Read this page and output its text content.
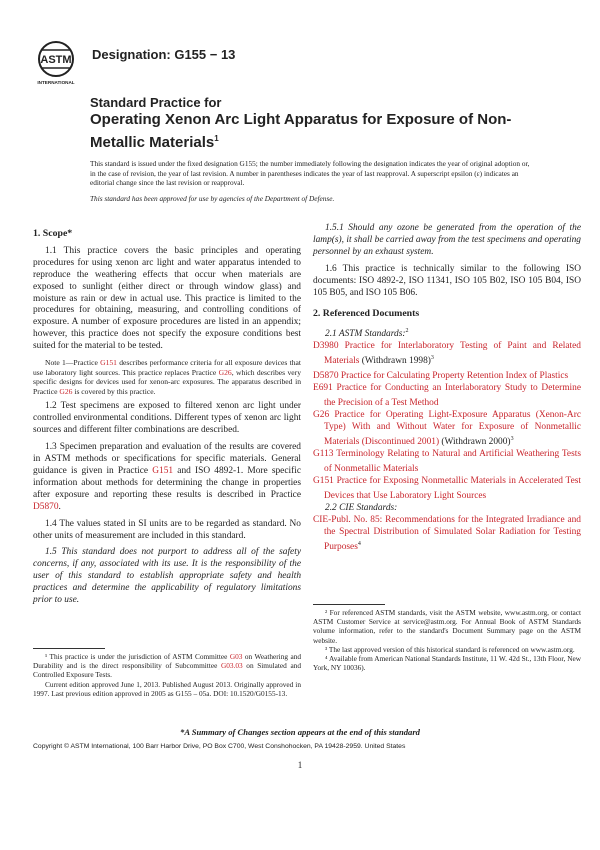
ASTM
INTERNATIONAL
Designation: G155 − 13
Standard Practice for
Operating Xenon Arc Light Apparatus for Exposure of Non-Metallic Materials$^1$
This standard is issued under the fixed designation G155; the number immediately following the designation indicates the year of original adoption or, in the case of revision, the year of last revision. A number in parentheses indicates the year of last reapproval. A superscript epsilon (ε) indicates an editorial change since the last revision or reapproval.
This standard has been approved for use by agencies of the Department of Defense.

1. Scope*

1.1 This practice covers the basic principles and operating procedures for using xenon arc light and water apparatus intended to reproduce the weathering effects that occur when materials are exposed to sunlight (either direct or through window glass) and moisture as rain or dew in actual use. This practice is limited to the procedures for obtaining, measuring, and controlling conditions of exposure. A number of exposure procedures are listed in an appendix; however, this practice does not specify the exposure conditions best suited for the material to be tested.

Note 1—Practice G151 describes performance criteria for all exposure devices that use laboratory light sources. This practice replaces Practice G26, which describes very specific designs for devices used for xenon-arc exposures. The apparatus described in Practice G26 is covered by this practice.

1.2 Test specimens are exposed to filtered xenon arc light under controlled environmental conditions. Different types of xenon arc light sources and different filter combinations are described.

1.3 Specimen preparation and evaluation of the results are covered in ASTM methods or specifications for specific materials. General guidance is given in Practice G151 and ISO 4892-1. More specific information about methods for determining the change in properties after exposure and reporting these results is described in Practice D5870.

1.4 The values stated in SI units are to be regarded as standard. No other units of measurement are included in this standard.

1.5 This standard does not purport to address all of the safety concerns, if any, associated with its use. It is the responsibility of the user of this standard to establish appropriate safety and health practices and determine the applicability of regulatory limitations prior to use.

1.5.1 Should any ozone be generated from the operation of the lamp(s), it shall be carried away from the test specimens and operating personnel by an exhaust system.

1.6 This practice is technically similar to the following ISO documents: ISO 4892-2, ISO 11341, ISO 105 B02, ISO 105 B04, ISO 105 B05, and ISO 105 B06.

2. Referenced Documents

2.1 ASTM Standards:$^2$

D3980 Practice for Interlaboratory Testing of Paint and Related Materials (Withdrawn 1998)$^3$

D5870 Practice for Calculating Property Retention Index of Plastics

E691 Practice for Conducting an Interlaboratory Study to Determine the Precision of a Test Method

G26 Practice for Operating Light-Exposure Apparatus (Xenon-Arc Type) With and Without Water for Exposure of Nonmetallic Materials (Discontinued 2001) (Withdrawn 2000)$^3$

G113 Terminology Relating to Natural and Artificial Weathering Tests of Nonmetallic Materials

G151 Practice for Exposing Nonmetallic Materials in Accelerated Test Devices that Use Laboratory Light Sources

2.2 CIE Standards:

CIE-Publ. No. 85: Recommendations for the Integrated Irradiance and the Spectral Distribution of Simulated Solar Radiation for Testing Purposes$^4$

¹ This practice is under the jurisdiction of ASTM Committee G03 on Weathering and Durability and is the direct responsibility of Subcommittee G03.03 on Simulated and Controlled Exposure Tests.

Current edition approved June 1, 2013. Published August 2013. Originally approved in 1997. Last previous edition approved in 2005 as G155 – 05a. DOI: 10.1520/G0155-13.

² For referenced ASTM standards, visit the ASTM website, www.astm.org, or contact ASTM Customer Service at service@astm.org. For Annual Book of ASTM Standards volume information, refer to the standard's Document Summary page on the ASTM website.

³ The last approved version of this historical standard is referenced on www.astm.org.

⁴ Available from American National Standards Institute, 11 W. 42d St., 13th Floor, New York, NY 10036).

*A Summary of Changes section appears at the end of this standard
Copyright © ASTM International, 100 Barr Harbor Drive, PO Box C700, West Conshohocken, PA 19428-2959. United States
1
